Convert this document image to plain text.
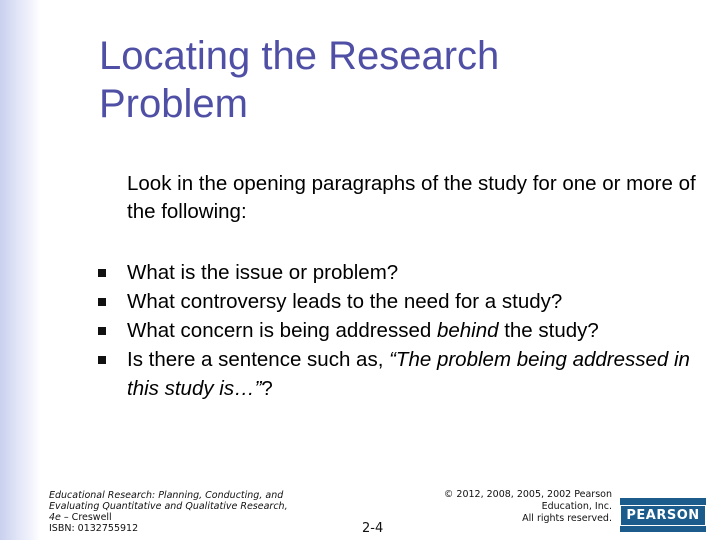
Locating the Research Problem
Look in the opening paragraphs of the study for one or more of the following:
What is the issue or problem?
What controversy leads to the need for a study?
What concern is being addressed behind the study?
Is there a sentence such as, “The problem being addressed in this study is…”?
Educational Research: Planning, Conducting, and Evaluating Quantitative and Qualitative Research, 4e – Creswell
ISBN: 0132755912	2-4
© 2012, 2008, 2005, 2002 Pearson
Education, Inc.
All rights reserved.	PEARSON
